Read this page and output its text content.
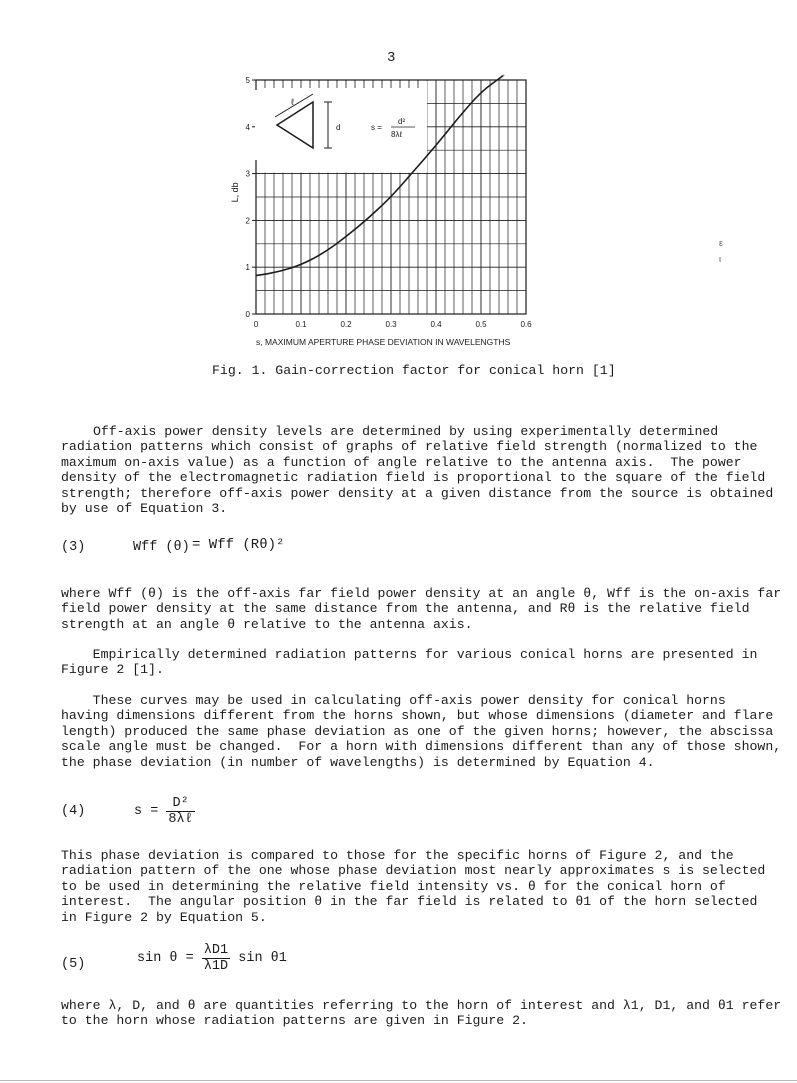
3
0
1
2
3
4
5
0	0.1	0.2	0.3	0.4	0.5	0.6
ℓ
d	s =
d²
8λℓ
L, db
s, MAXIMUM APERTURE PHASE DEVIATION IN WAVELENGTHS
Fig. 1. Gain-correction factor for conical horn [1]

Off-axis power density levels are determined by using experimentally determined
radiation patterns which consist of graphs of relative field strength (normalized to the
maximum on-axis value) as a function of angle relative to the antenna axis.  The power
density of the electromagnetic radiation field is proportional to the square of the field
strength; therefore off-axis power density at a given distance from the source is obtained
by use of Equation 3.

(3)	Wff (θ) = Wff (Rθ)²

where Wff (θ) is the off-axis far field power density at an angle θ, Wff is the on-axis far
field power density at the same distance from the antenna, and Rθ is the relative field
strength at an angle θ relative to the antenna axis.

Empirically determined radiation patterns for various conical horns are presented in
Figure 2 [1].

These curves may be used in calculating off-axis power density for conical horns
having dimensions different from the horns shown, but whose dimensions (diameter and flare
length) produced the same phase deviation as one of the given horns; however, the abscissa
scale angle must be changed.  For a horn with dimensions different than any of those shown,
the phase deviation (in number of wavelengths) is determined by Equation 4.

(4)	$s = \frac{\text{D²}}{\text{8λℓ}}$

This phase deviation is compared to those for the specific horns of Figure 2, and the
radiation pattern of the one whose phase deviation most nearly approximates s is selected
to be used in determining the relative field intensity vs. θ for the conical horn of
interest.  The angular position θ in the far field is related to θ1 of the horn selected
in Figure 2 by Equation 5.

(5)	$\sin \theta = \frac{\lambda D1}{\lambda 1D}$ sin θ1

where λ, D, and θ are quantities referring to the horn of interest and λ1, D1, and θ1 refer
to the horn whose radiation patterns are given in Figure 2.

ε
ι
